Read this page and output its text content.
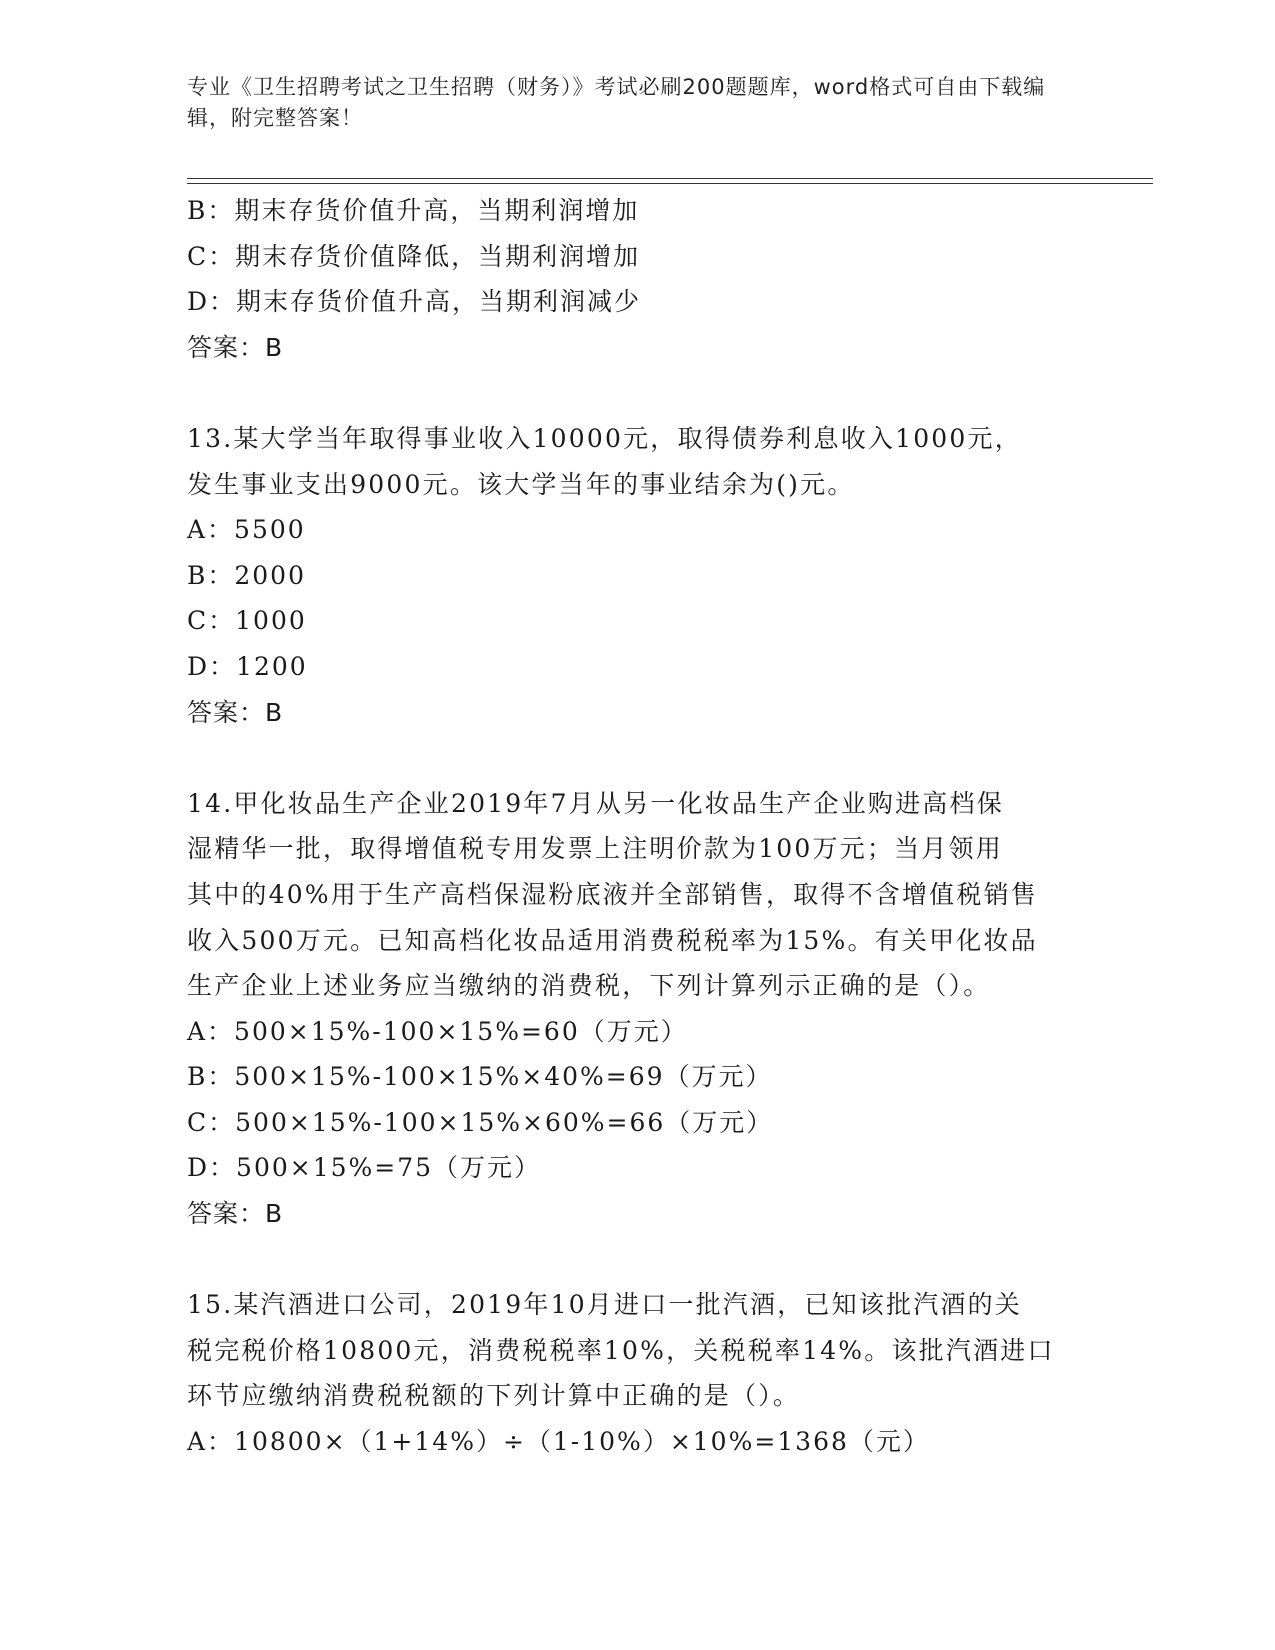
专业《卫生招聘考试之卫生招聘（财务）》考试必刷200题题库，word格式可自由下载编辑，附完整答案！
B：期末存货价值升高，当期利润增加
C：期末存货价值降低，当期利润增加
D：期末存货价值升高，当期利润减少
答案：B
13.某大学当年取得事业收入10000元，取得债券利息收入1000元，
发生事业支出9000元。该大学当年的事业结余为()元。
A：5500
B：2000
C：1000
D：1200
答案：B
14.甲化妆品生产企业2019年7月从另一化妆品生产企业购进高档保
湿精华一批，取得增值税专用发票上注明价款为100万元；当月领用
其中的40%用于生产高档保湿粉底液并全部销售，取得不含增值税销售
收入500万元。已知高档化妆品适用消费税税率为15%。有关甲化妆品
生产企业上述业务应当缴纳的消费税，下列计算列示正确的是（）。
A：500×15%-100×15%=60（万元）
B：500×15%-100×15%×40%=69（万元）
C：500×15%-100×15%×60%=66（万元）
D：500×15%=75（万元）
答案：B
15.某汽酒进口公司，2019年10月进口一批汽酒，已知该批汽酒的关
税完税价格10800元，消费税税率10%，关税税率14%。该批汽酒进口
环节应缴纳消费税税额的下列计算中正确的是（）。
A：10800×（1+14%）÷（1-10%）×10%=1368（元）
